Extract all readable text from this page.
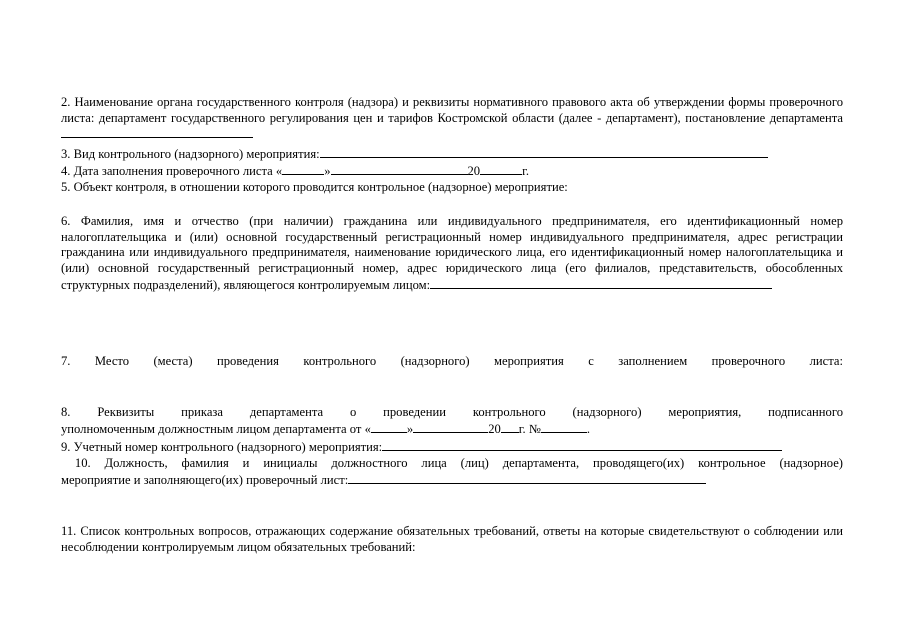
2. Наименование органа государственного контроля (надзора) и реквизиты нормативного правового акта об утверждении формы проверочного листа: департамент государственного регулирования цен и тарифов Костромской области (далее - департамент), постановление департамента

3. Вид контрольного (надзорного) мероприятия:

4. Дата заполнения проверочного листа «	»	20	г.

5. Объект контроля, в отношении которого проводится контрольное (надзорное) мероприятие:

6. Фамилия, имя и отчество (при наличии) гражданина или индивидуального предпринимателя, его идентификационный номер налогоплательщика и (или) основной государственный регистрационный номер индивидуального предпринимателя, адрес регистрации гражданина или индивидуального предпринимателя, наименование юридического лица, его идентификационный номер налогоплательщика и (или) основной государственный регистрационный номер, адрес юридического лица (его филиалов, представительств, обособленных структурных подразделений), являющегося контролируемым лицом:

7. Место (места) проведения контрольного (надзорного) мероприятия с заполнением проверочного листа:

8. Реквизиты приказа департамента о проведении контрольного (надзорного) мероприятия, подписанного
уполномоченным должностным лицом департамента от «	»	20 г. №	.

9. Учетный номер контрольного (надзорного) мероприятия:

10. Должность, фамилия и инициалы должностного лица (лиц) департамента, проводящего(их) контрольное (надзорное)
мероприятие и заполняющего(их) проверочный лист:

11. Список контрольных вопросов, отражающих содержание обязательных требований, ответы на которые свидетельствуют о соблюдении или несоблюдении контролируемым лицом обязательных требований:
